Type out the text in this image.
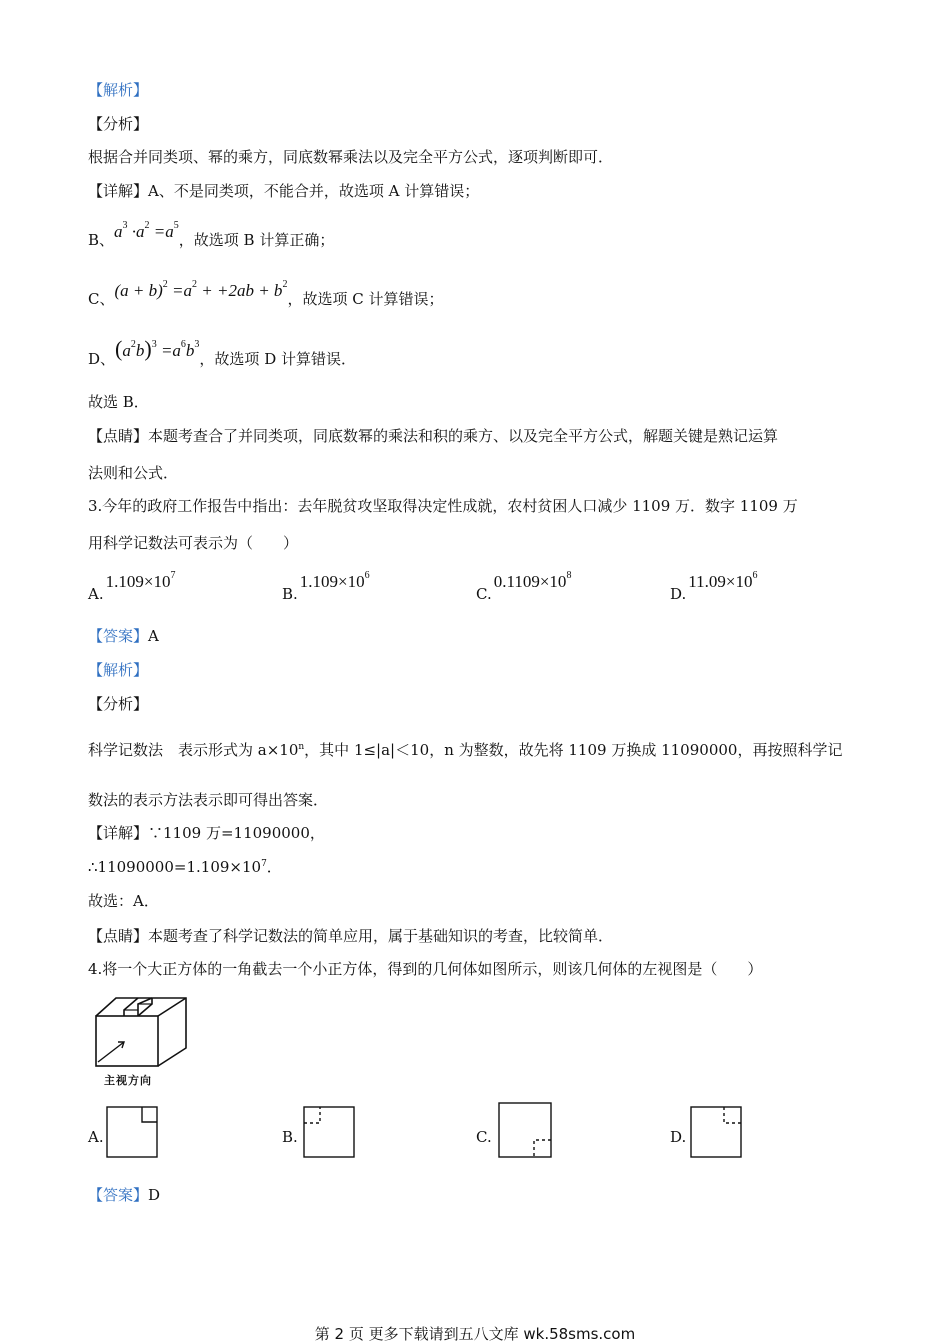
【解析】
【分析】
根据合并同类项、幂的乘方，同底数幂乘法以及完全平方公式，逐项判断即可．
【详解】A、不是同类项，不能合并，故选项 A 计算错误；
B、$a^3 \cdot a^2 =a^5$，故选项 B 计算正确；
C、$(a + b)^2 =a^2 + +2ab + b^2$，故选项 C 计算错误；
D、$(a^2b)^3 =a^6b^3$，故选项 D 计算错误．
故选 B．
【点睛】本题考查合了并同类项，同底数幂的乘法和积的乘方、以及完全平方公式，解题关键是熟记运算
法则和公式．
3.今年的政府工作报告中指出：去年脱贫攻坚取得决定性成就，农村贫困人口减少 1109 万．数字 1109 万
用科学记数法可表示为（　　）
$A.1.109\times 10^7$
$B.1.109\times 10^6$
$C.0.1109\times 10^8$
$D.11.09\times 10^6$
【答案】A
【解析】
【分析】
科学记数法　表示形式为 $a\times 10^n$，其中 1≤|a|＜10，n 为整数，故先将 1109 万换成 11090000，再按照科学记
数法的表示方法表示即可得出答案．
【详解】∵1109 万=11090000，
$\therefore 11090000=1.109\times 10^7$．
故选：A．
【点睛】本题考查了科学记数法的简单应用，属于基础知识的考查，比较简单．
4.将一个大正方体的一角截去一个小正方体，得到的几何体如图所示，则该几何体的左视图是（　　）
主视方向
A.	B.	C.	D.
【答案】D
第 2 页 更多下载请到五八文库 wk.58sms.com
